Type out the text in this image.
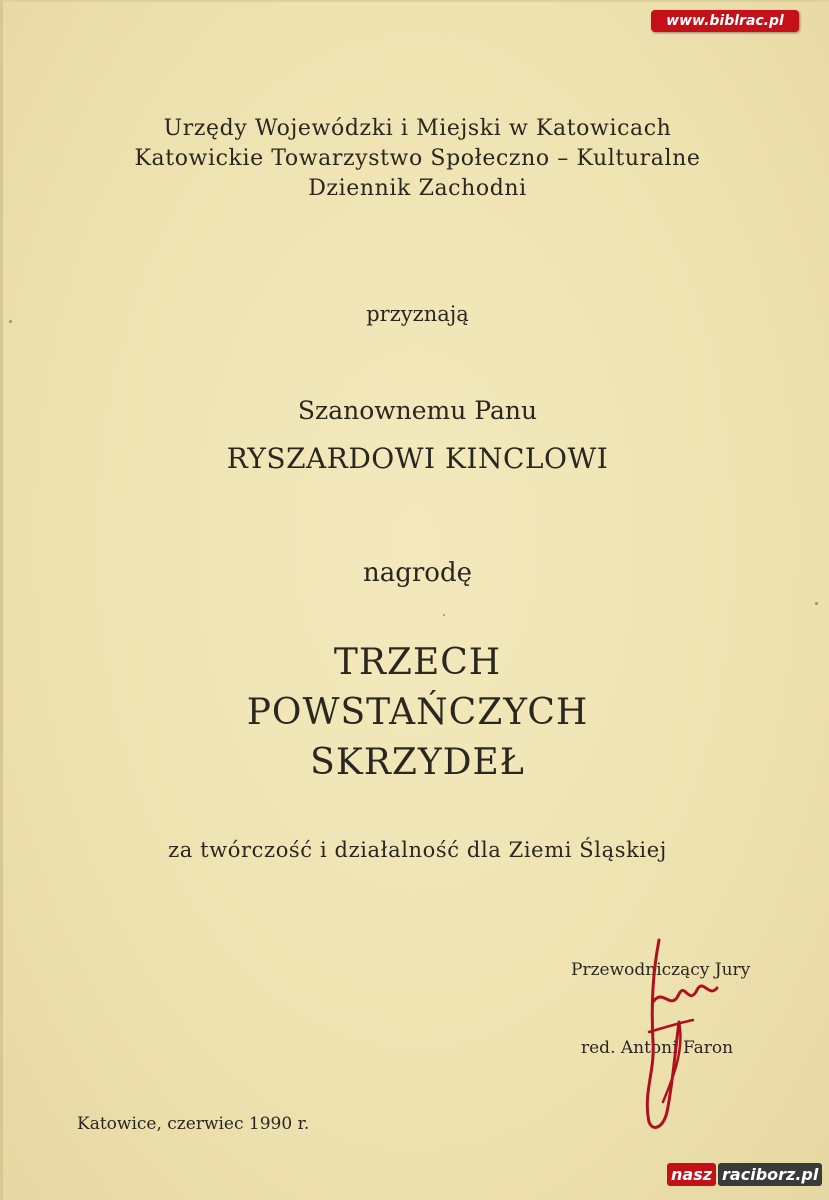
www.biblrac.pl
Urzędy Wojewódzki i Miejski w Katowicach
Katowickie Towarzystwo Społeczno – Kulturalne
Dziennik Zachodni
przyznają
Szanownemu Panu
RYSZARDOWI KINCLOWI
nagrodę
TRZECH
POWSTAŃCZYCH
SKRZYDEŁ
za twórczość i działalność dla Ziemi Śląskiej
Przewodniczący Jury
red. Antoni Faron
Katowice, czerwiec 1990 r.
nasz raciborz.pl
